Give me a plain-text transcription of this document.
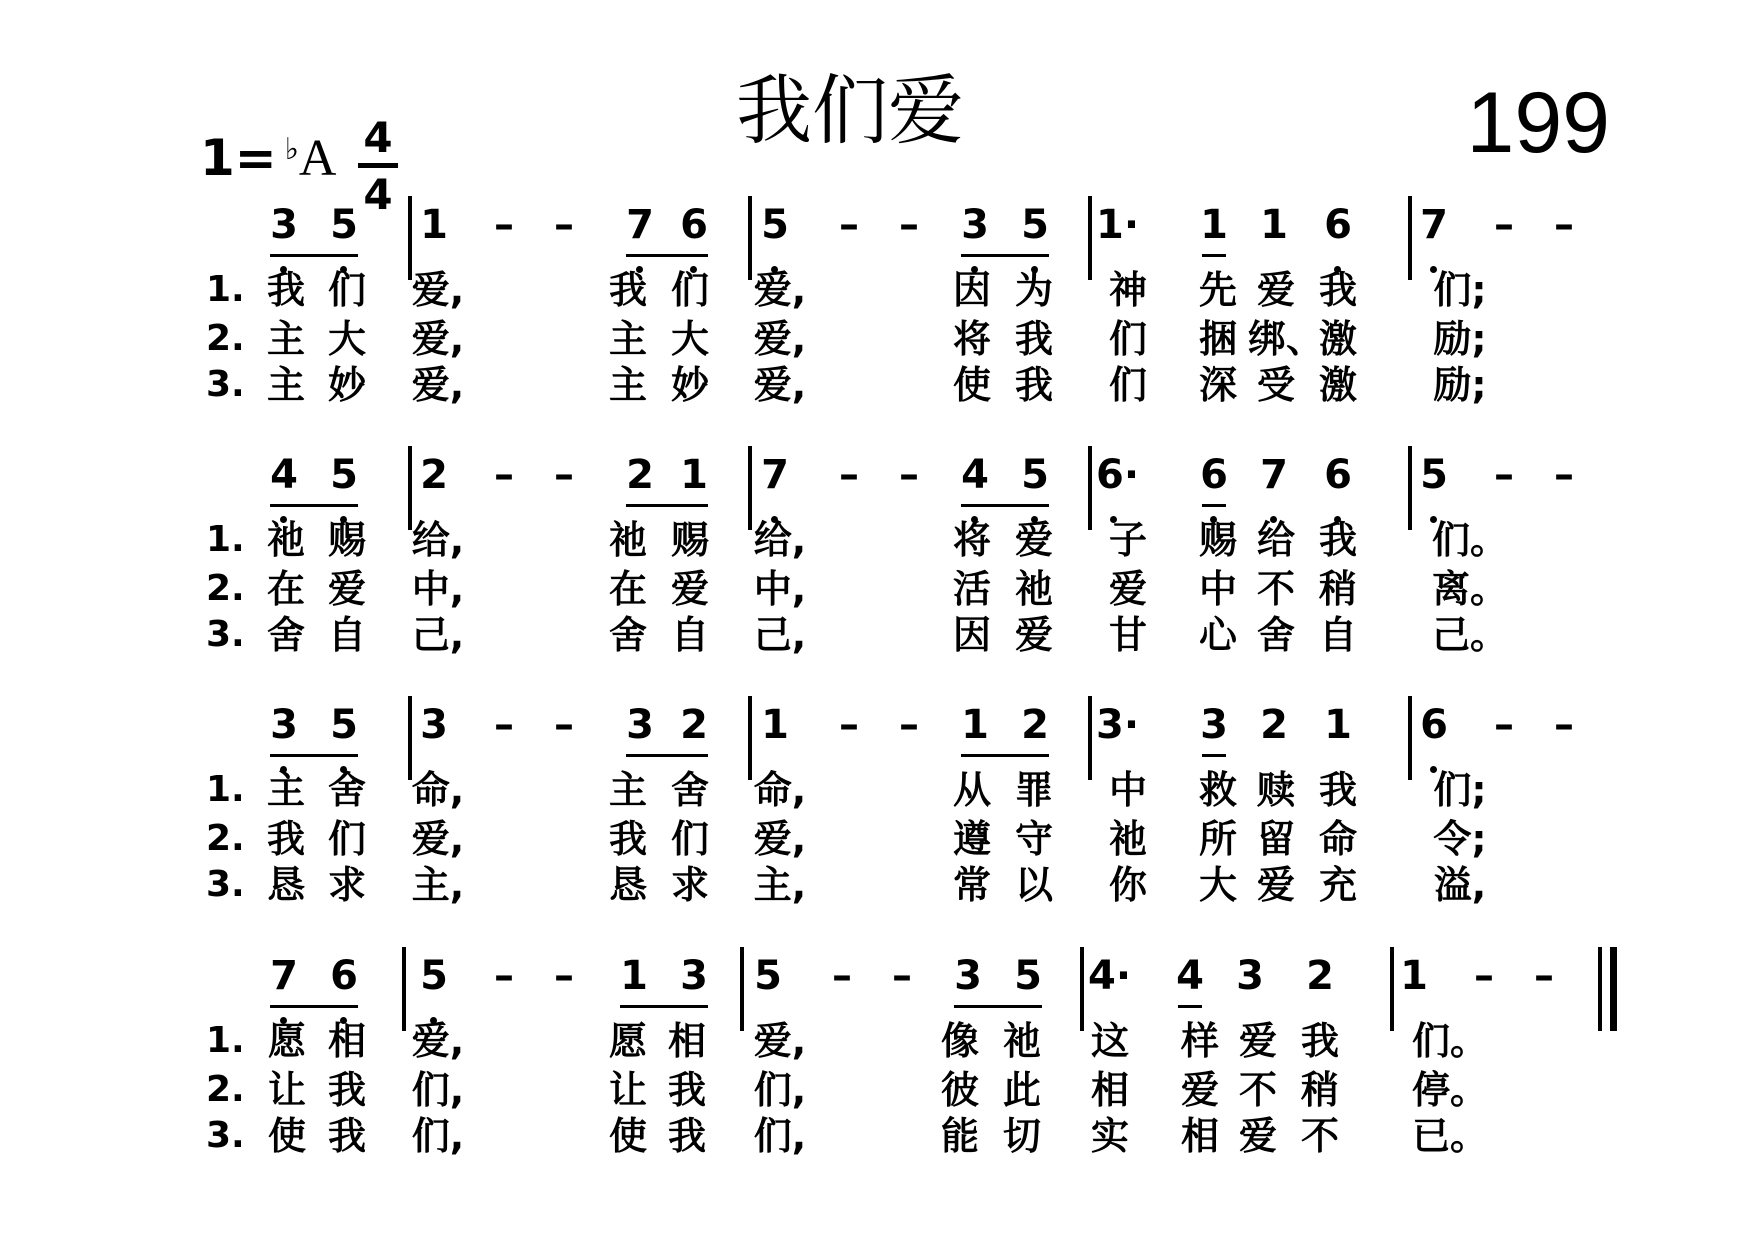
我们爱	199
1= ♭A 4
4
3 5 1 – – 7 6 5 – – 3 5 1· 1 1 6 7 – –
1. 我 们 爱,	我 们 爱,	因 为 神 先 爱 我 们;
2. 主 大 爱,	主 大 爱,	将 我 们 捆 绑、
激 励;
3. 主 妙 爱,	主 妙 爱,	使 我 们 深 受 激 励;
4 5 2 – – 2 1 7 – – 4 5 6· 6 7 6 5 – –
1. 祂 赐 给,	祂 赐 给,	将 爱 子 赐 给 我 们。
2. 在 爱 中,	在 爱 中,	活 祂 爱 中 不 稍 离。
3. 舍 自 己,	舍 自 己,	因 爱 甘 心 舍 自 己。
3 5 3 – – 3 2 1 – – 1 2 3· 3 2 1 6 – –
1. 主 舍 命,	主 舍 命,	从 罪 中 救 赎 我 们;
2. 我 们 爱,	我 们 爱,	遵 守 祂 所 留 命 令;
3. 恳 求 主,	恳 求 主,	常 以 你 大 爱 充 溢,
7 6 5 – – 1 3 5 – – 3 5 4· 4 3 2 1 – –
1. 愿 相 爱,	愿 相 爱,	像 祂 这 样 爱 我 们。
2. 让 我 们,	让 我 们,	彼 此 相 爱 不 稍 停。
3. 使 我 们,	使 我 们,	能 切 实 相 爱 不 已。
